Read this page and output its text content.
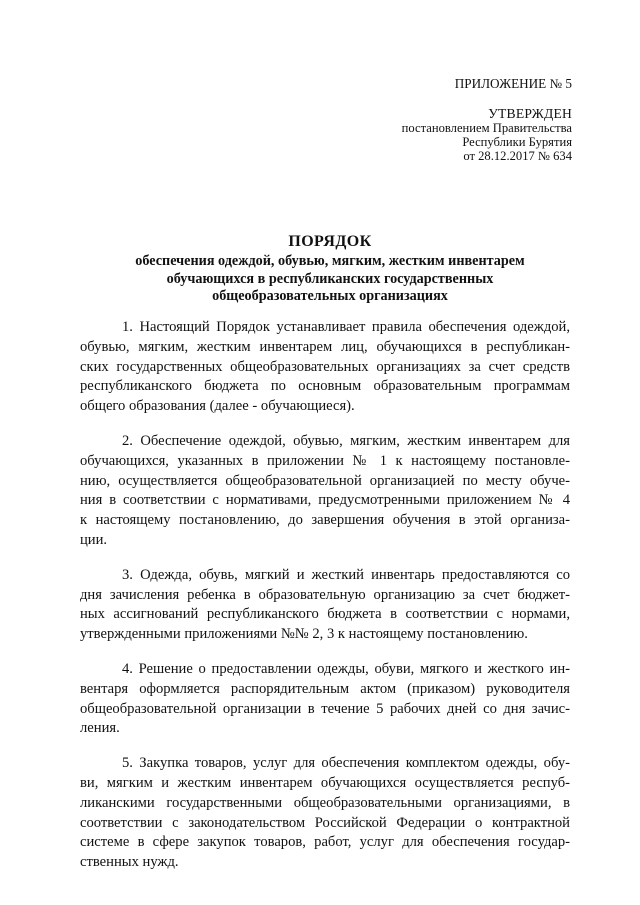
ПРИЛОЖЕНИЕ № 5
УТВЕРЖДЕН
постановлением Правительства
Республики Бурятия
от 28.12.2017 № 634
ПОРЯДОК
обеспечения одеждой, обувью, мягким, жестким инвентарем
обучающихся в республиканских государственных
общеобразовательных организациях

1. Настоящий Порядок устанавливает правила обеспечения одеждой,
обувью, мягким, жестким инвентарем лиц, обучающихся в республикан-
ских государственных общеобразовательных организациях за счет средств
республиканского бюджета по основным образовательным программам
общего образования (далее - обучающиеся).

2. Обеспечение одеждой, обувью, мягким, жестким инвентарем для
обучающихся, указанных в приложении № 1 к настоящему постановле-
нию, осуществляется общеобразовательной организацией по месту обуче-
ния в соответствии с нормативами, предусмотренными приложением № 4
к настоящему постановлению, до завершения обучения в этой организа-
ции.

3. Одежда, обувь, мягкий и жесткий инвентарь предоставляются со
дня зачисления ребенка в образовательную организацию за счет бюджет-
ных ассигнований республиканского бюджета в соответствии с нормами,
утвержденными приложениями №№ 2, 3 к настоящему постановлению.

4. Решение о предоставлении одежды, обуви, мягкого и жесткого ин-
вентаря оформляется распорядительным актом (приказом) руководителя
общеобразовательной организации в течение 5 рабочих дней со дня зачис-
ления.

5. Закупка товаров, услуг для обеспечения комплектом одежды, обу-
ви, мягким и жестким инвентарем обучающихся осуществляется респуб-
ликанскими государственными общеобразовательными организациями, в
соответствии с законодательством Российской Федерации о контрактной
системе в сфере закупок товаров, работ, услуг для обеспечения государ-
ственных нужд.
